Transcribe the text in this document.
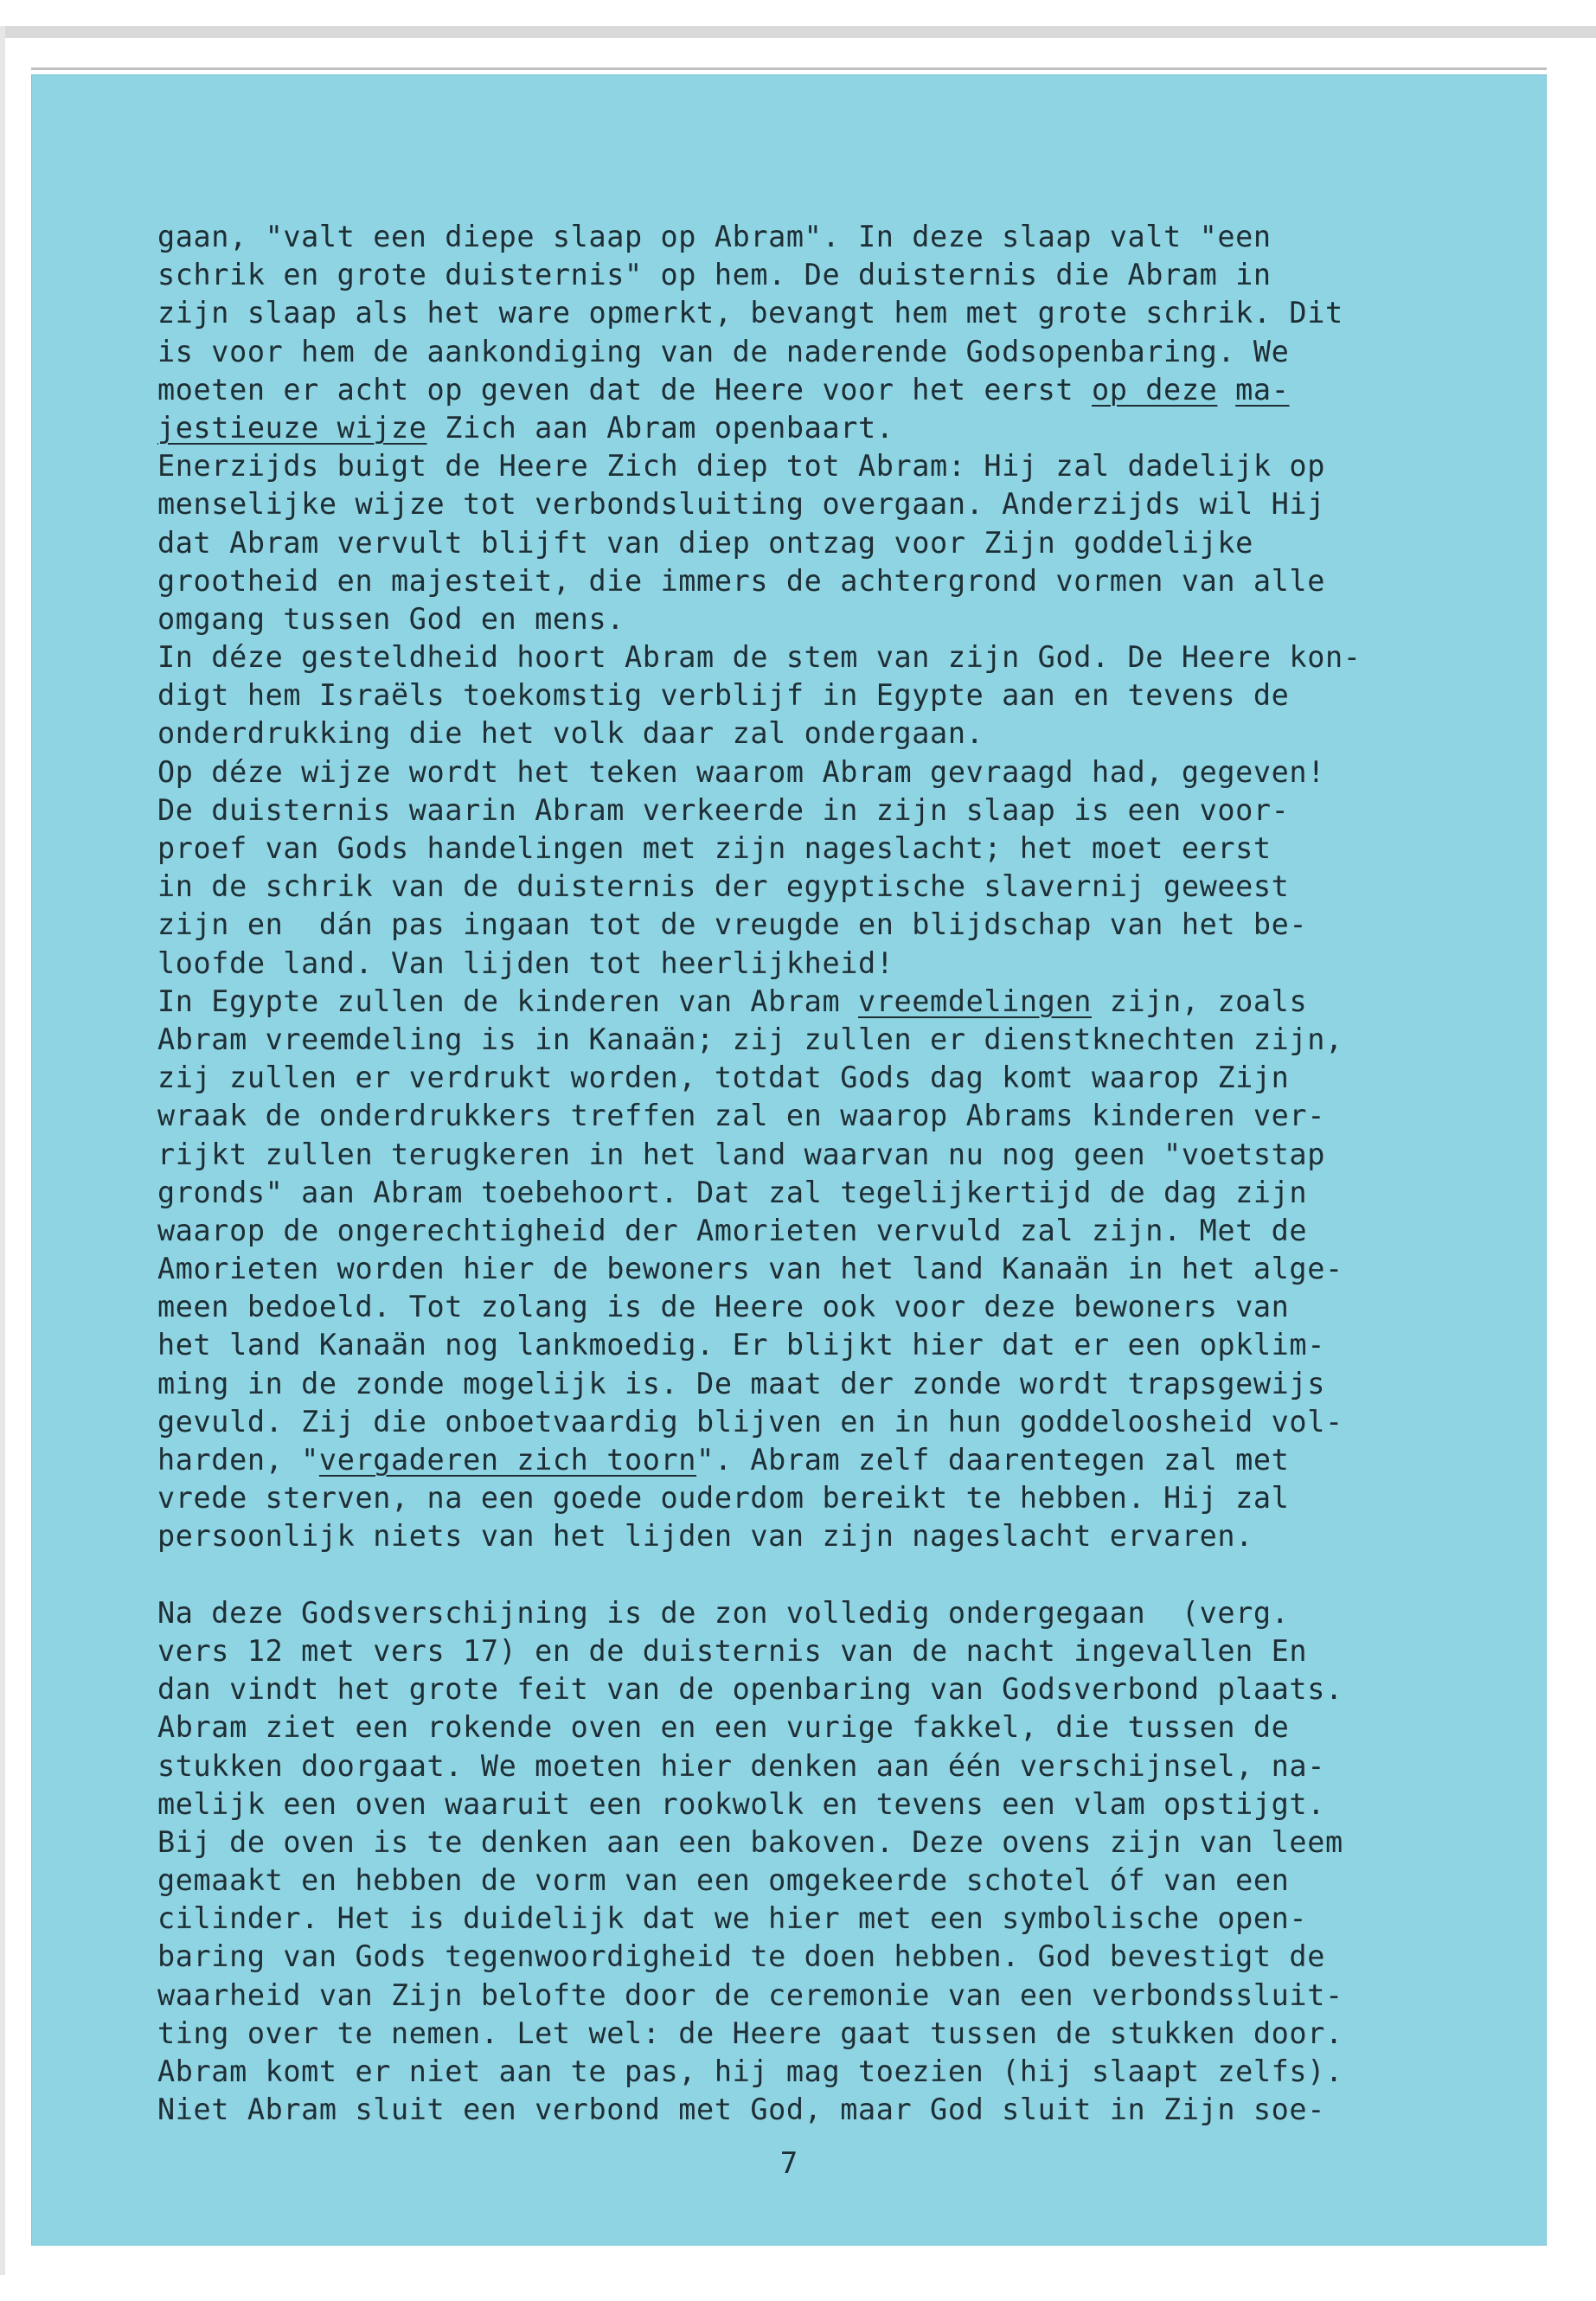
gaan, "valt een diepe slaap op Abram". In deze slaap valt "een
schrik en grote duisternis" op hem. De duisternis die Abram in
zijn slaap als het ware opmerkt, bevangt hem met grote schrik. Dit
is voor hem de aankondiging van de naderende Godsopenbaring. We
moeten er acht op geven dat de Heere voor het eerst op deze ma-
jestieuze wijze Zich aan Abram openbaart.
Enerzijds buigt de Heere Zich diep tot Abram: Hij zal dadelijk op
menselijke wijze tot verbondsluiting overgaan. Anderzijds wil Hij
dat Abram vervult blijft van diep ontzag voor Zijn goddelijke
grootheid en majesteit, die immers de achtergrond vormen van alle
omgang tussen God en mens.
In déze gesteldheid hoort Abram de stem van zijn God. De Heere kon-
digt hem Israëls toekomstig verblijf in Egypte aan en tevens de
onderdrukking die het volk daar zal ondergaan.
Op déze wijze wordt het teken waarom Abram gevraagd had, gegeven!
De duisternis waarin Abram verkeerde in zijn slaap is een voor-
proef van Gods handelingen met zijn nageslacht; het moet eerst
in de schrik van de duisternis der egyptische slavernij geweest
zijn en  dán pas ingaan tot de vreugde en blijdschap van het be-
loofde land. Van lijden tot heerlijkheid!
In Egypte zullen de kinderen van Abram vreemdelingen zijn, zoals
Abram vreemdeling is in Kanaän; zij zullen er dienstknechten zijn,
zij zullen er verdrukt worden, totdat Gods dag komt waarop Zijn
wraak de onderdrukkers treffen zal en waarop Abrams kinderen ver-
rijkt zullen terugkeren in het land waarvan nu nog geen "voetstap
gronds" aan Abram toebehoort. Dat zal tegelijkertijd de dag zijn
waarop de ongerechtigheid der Amorieten vervuld zal zijn. Met de
Amorieten worden hier de bewoners van het land Kanaän in het alge-
meen bedoeld. Tot zolang is de Heere ook voor deze bewoners van
het land Kanaän nog lankmoedig. Er blijkt hier dat er een opklim-
ming in de zonde mogelijk is. De maat der zonde wordt trapsgewijs
gevuld. Zij die onboetvaardig blijven en in hun goddeloosheid vol-
harden, "vergaderen zich toorn". Abram zelf daarentegen zal met
vrede sterven, na een goede ouderdom bereikt te hebben. Hij zal
persoonlijk niets van het lijden van zijn nageslacht ervaren.
Na deze Godsverschijning is de zon volledig ondergegaan  (verg.
vers 12 met vers 17) en de duisternis van de nacht ingevallen En
dan vindt het grote feit van de openbaring van Godsverbond plaats.
Abram ziet een rokende oven en een vurige fakkel, die tussen de
stukken doorgaat. We moeten hier denken aan één verschijnsel, na-
melijk een oven waaruit een rookwolk en tevens een vlam opstijgt.
Bij de oven is te denken aan een bakoven. Deze ovens zijn van leem
gemaakt en hebben de vorm van een omgekeerde schotel óf van een
cilinder. Het is duidelijk dat we hier met een symbolische open-
baring van Gods tegenwoordigheid te doen hebben. God bevestigt de
waarheid van Zijn belofte door de ceremonie van een verbondssluit-
ting over te nemen. Let wel: de Heere gaat tussen de stukken door.
Abram komt er niet aan te pas, hij mag toezien (hij slaapt zelfs).
Niet Abram sluit een verbond met God, maar God sluit in Zijn soe-
7
